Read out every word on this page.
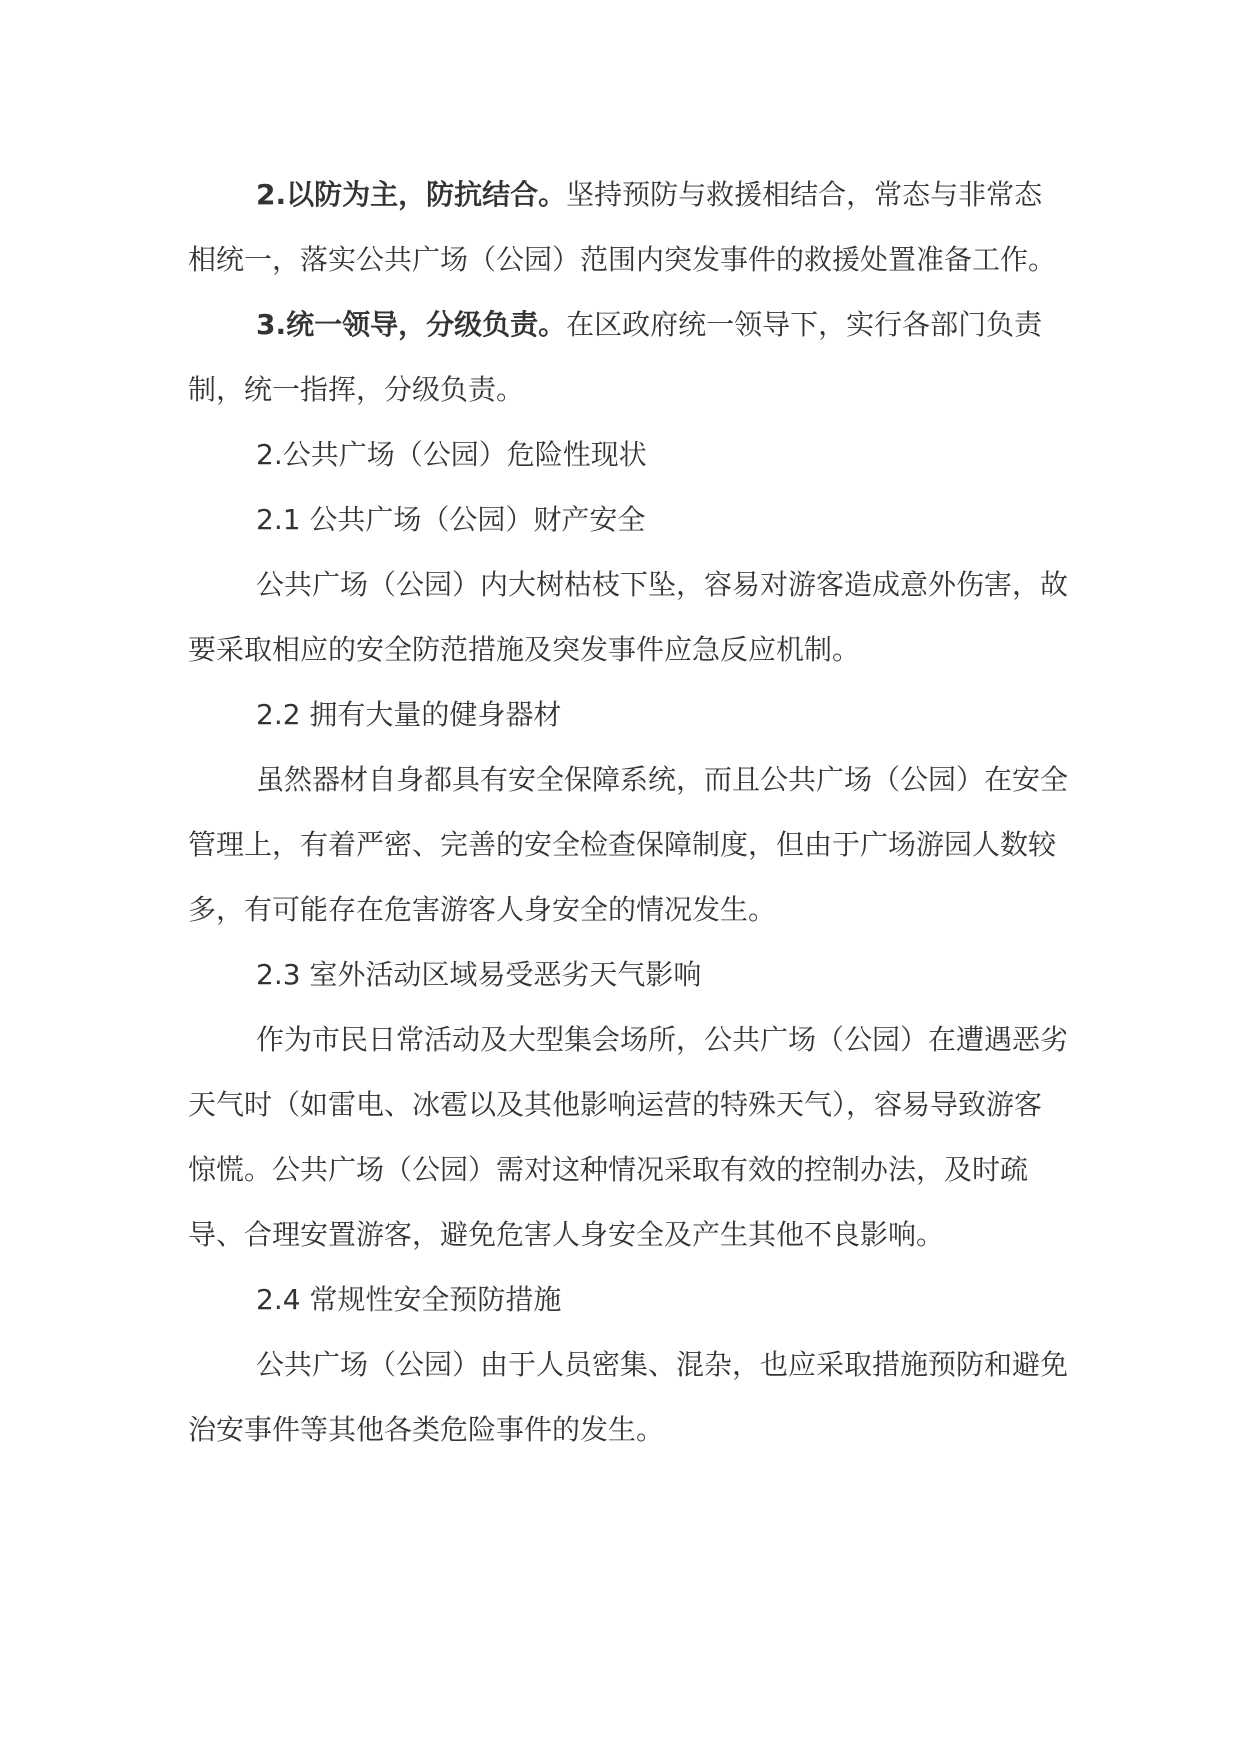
2.以防为主，防抗结合。坚持预防与救援相结合，常态与非常态相统一，落实公共广场（公园）范围内突发事件的救援处置准备工作。

3.统一领导，分级负责。在区政府统一领导下，实行各部门负责制，统一指挥，分级负责。

2.公共广场（公园）危险性现状

2.1 公共广场（公园）财产安全

公共广场（公园）内大树枯枝下坠，容易对游客造成意外伤害，故要采取相应的安全防范措施及突发事件应急反应机制。

2.2 拥有大量的健身器材

虽然器材自身都具有安全保障系统，而且公共广场（公园）在安全管理上，有着严密、完善的安全检查保障制度，但由于广场游园人数较多，有可能存在危害游客人身安全的情况发生。

2.3 室外活动区域易受恶劣天气影响

作为市民日常活动及大型集会场所，公共广场（公园）在遭遇恶劣天气时（如雷电、冰雹以及其他影响运营的特殊天气），容易导致游客惊慌。公共广场（公园）需对这种情况采取有效的控制办法，及时疏导、合理安置游客，避免危害人身安全及产生其他不良影响。

2.4 常规性安全预防措施

公共广场（公园）由于人员密集、混杂，也应采取措施预防和避免治安事件等其他各类危险事件的发生。
